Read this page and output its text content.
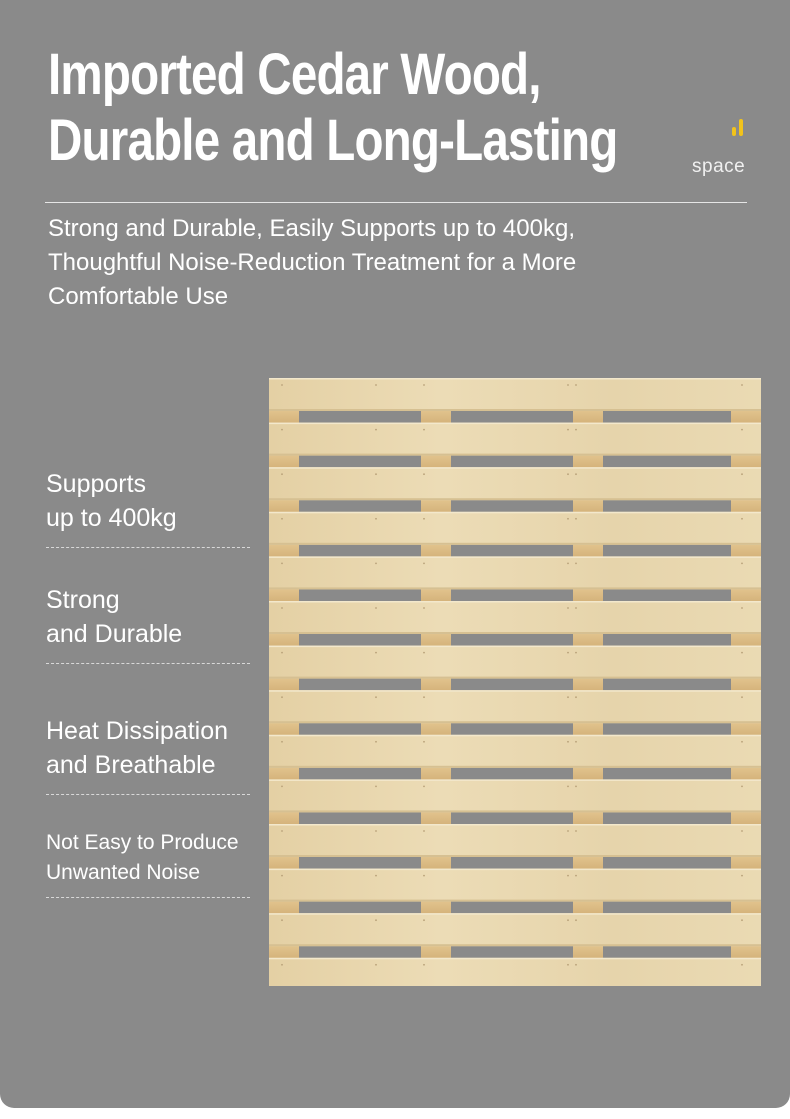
Imported Cedar Wood,
Durable and Long-Lasting	space
Strong and Durable, Easily Supports up to 400kg,
Thoughtful Noise-Reduction Treatment for a More
Comfortable Use
Supports
up to 400kg
Strong
and Durable
Heat Dissipation
and Breathable
Not Easy to Produce
Unwanted Noise
